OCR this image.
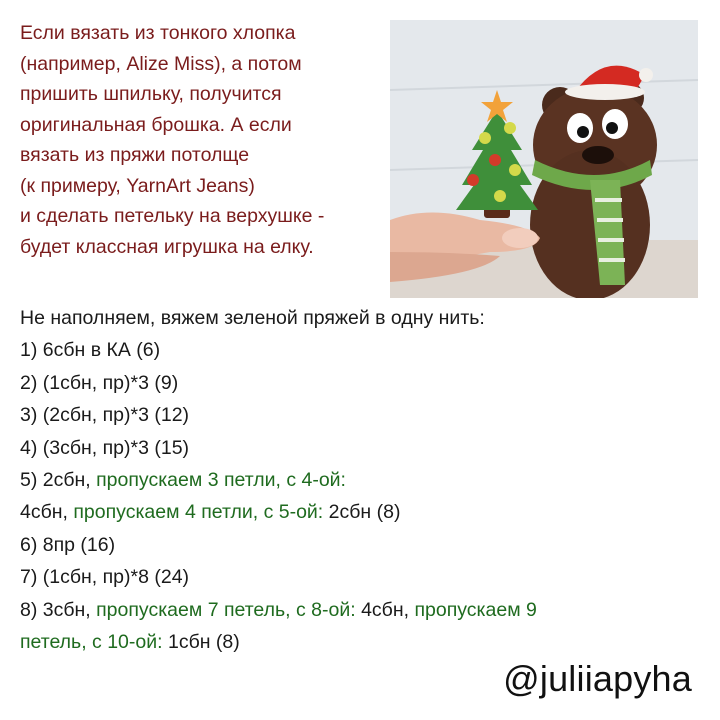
Если вязать из тонкого хлопка
(например, Alize Miss), а потом
пришить шпильку, получится
оригинальная брошка. А если
вязать из пряжи потолще
(к примеру, YarnArt Jeans)
и сделать петельку на верхушке -
будет классная игрушка на елку.
Не наполняем, вяжем зеленой пряжей в одну нить:
1) 6сбн в КА (6)
2) (1сбн, пр)*3 (9)
3) (2сбн, пр)*3 (12)
4) (3сбн, пр)*3 (15)
5) 2сбн, пропускаем 3 петли, с 4-ой:
4сбн, пропускаем 4 петли, с 5-ой: 2сбн (8)
6) 8пр (16)
7) (1сбн, пр)*8 (24)
8) 3сбн, пропускаем 7 петель, с 8-ой: 4сбн, пропускаем 9
петель, с 10-ой: 1сбн (8)
@juliiapyha
